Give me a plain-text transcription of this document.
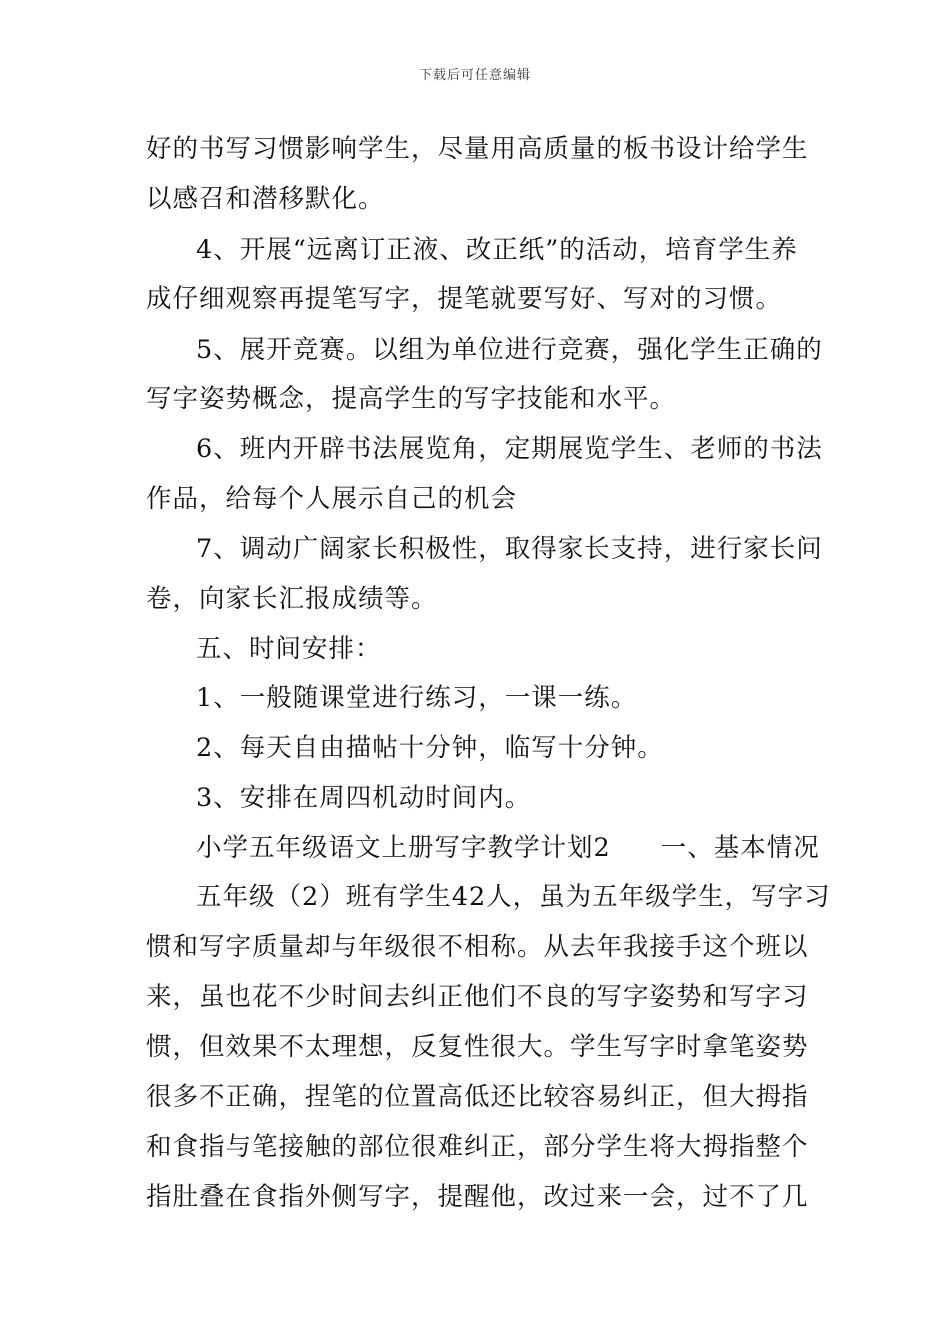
下载后可任意编辑
好的书写习惯影响学生，尽量用高质量的板书设计给学生
以感召和潜移默化。
4、开展“远离订正液、改正纸”的活动，培育学生养
成仔细观察再提笔写字，提笔就要写好、写对的习惯。
5、展开竞赛。以组为单位进行竞赛，强化学生正确的
写字姿势概念，提高学生的写字技能和水平。
6、班内开辟书法展览角，定期展览学生、老师的书法
作品，给每个人展示自己的机会
7、调动广阔家长积极性，取得家长支持，进行家长问
卷，向家长汇报成绩等。
五、时间安排：
1、一般随课堂进行练习，一课一练。
2、每天自由描帖十分钟，临写十分钟。
3、安排在周四机动时间内。
小学五年级语文上册写字教学计划2 一、基本情况
五年级（2）班有学生42人，虽为五年级学生，写字习
惯和写字质量却与年级很不相称。从去年我接手这个班以
来，虽也花不少时间去纠正他们不良的写字姿势和写字习
惯，但效果不太理想，反复性很大。学生写字时拿笔姿势
很多不正确，捏笔的位置高低还比较容易纠正，但大拇指
和食指与笔接触的部位很难纠正，部分学生将大拇指整个
指肚叠在食指外侧写字，提醒他，改过来一会，过不了几
